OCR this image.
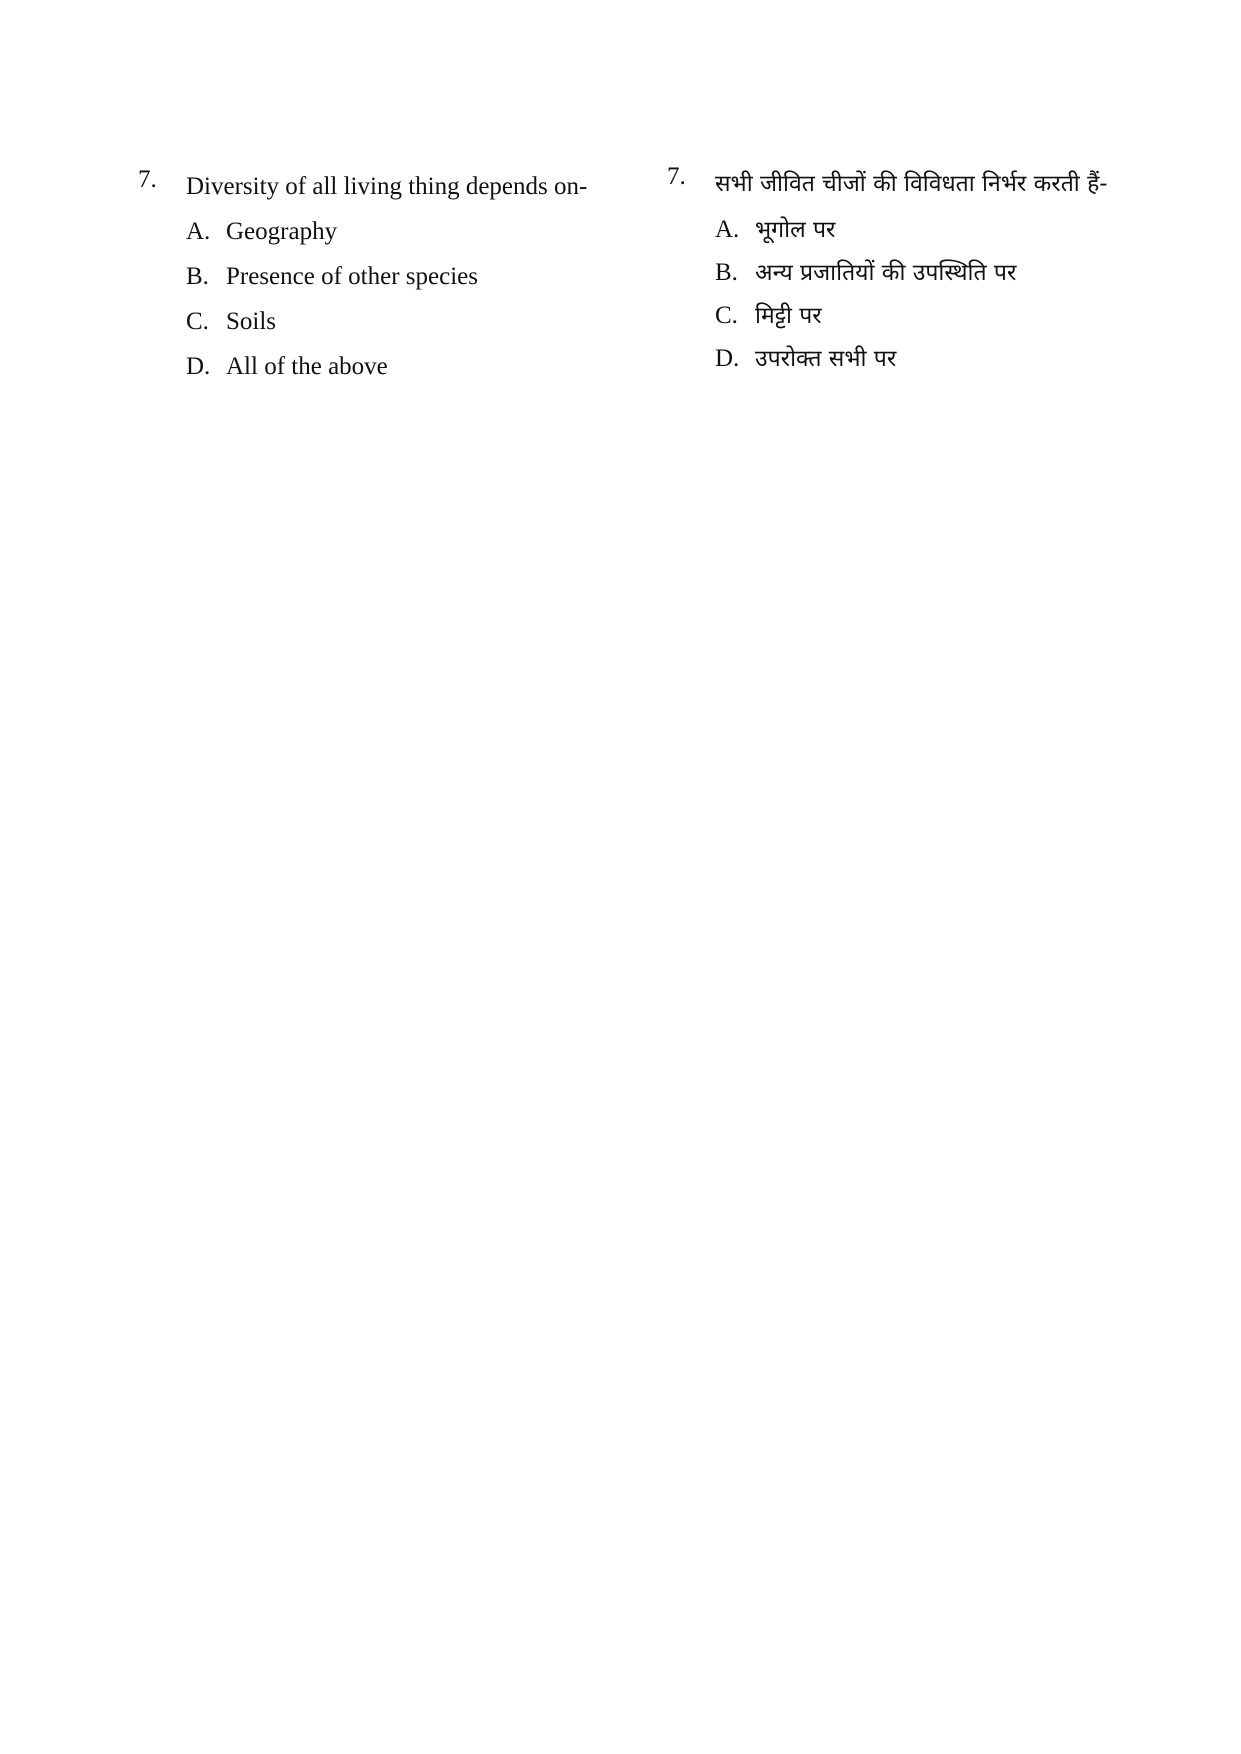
7. Diversity of all living thing depends on-
A. Geography
B. Presence of other species
C. Soils
D. All of the above
7. सभी जीवित चीजों की विविधता निर्भर करती हैं-
A. भूगोल पर
B. अन्य प्रजातियों की उपस्थिति पर
C. मिट्टी पर
D. उपरोक्त सभी पर
